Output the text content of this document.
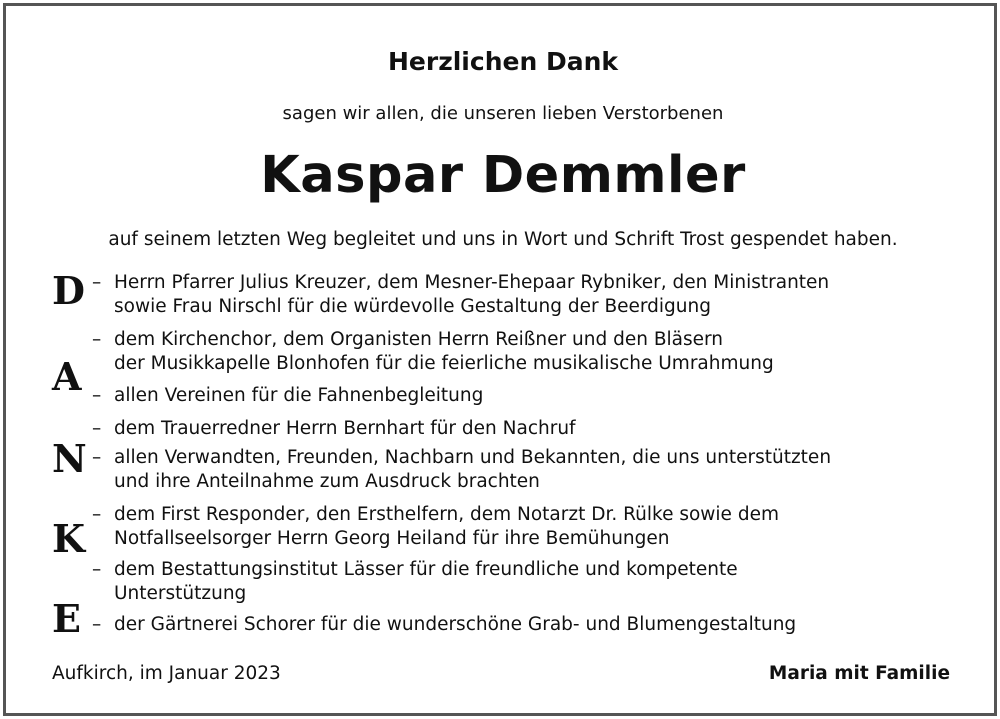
Herzlichen Dank
sagen wir allen, die unseren lieben Verstorbenen
Kaspar Demmler
auf seinem letzten Weg begleitet und uns in Wort und Schrift Trost gespendet haben.
D
A
N
K
E
– Herrn Pfarrer Julius Kreuzer, dem Mesner-Ehepaar Rybniker, den Ministranten
sowie Frau Nirschl für die würdevolle Gestaltung der Beerdigung
– dem Kirchenchor, dem Organisten Herrn Reißner und den Bläsern
der Musikkapelle Blonhofen für die feierliche musikalische Umrahmung
– allen Vereinen für die Fahnenbegleitung
– dem Trauerredner Herrn Bernhart für den Nachruf
– allen Verwandten, Freunden, Nachbarn und Bekannten, die uns unterstützten
und ihre Anteilnahme zum Ausdruck brachten
– dem First Responder, den Ersthelfern, dem Notarzt Dr. Rülke sowie dem
Notfallseelsorger Herrn Georg Heiland für ihre Bemühungen
– dem Bestattungsinstitut Lässer für die freundliche und kompetente
Unterstützung
– der Gärtnerei Schorer für die wunderschöne Grab- und Blumengestaltung
Aufkirch, im Januar 2023	Maria mit Familie
